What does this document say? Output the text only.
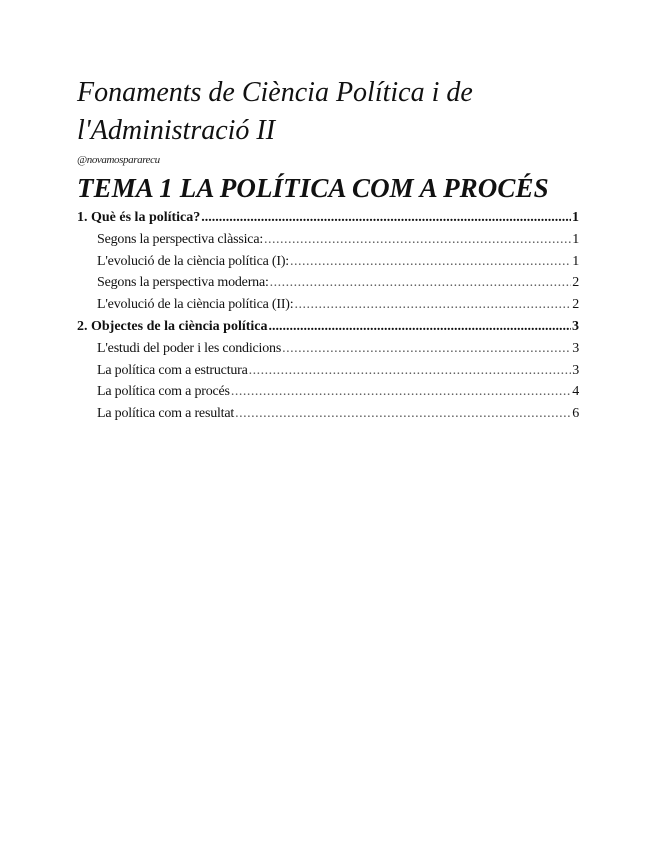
Fonaments de Ciència Política i de l'Administració II

@novamospararecu

TEMA 1 LA POLÍTICA COM A PROCÉS
1. Què és la política? .....	1
Segons la perspectiva clàssica: .....	1
L'evolució de la ciència política (I): .....	1
Segons la perspectiva moderna: .....	2
L'evolució de la ciència política (II): .....	2
2. Objectes de la ciència política .....	3
L'estudi del poder i les condicions .....	3
La política com a estructura .....	3
La política com a procés .....	4
La política com a resultat .....	6
